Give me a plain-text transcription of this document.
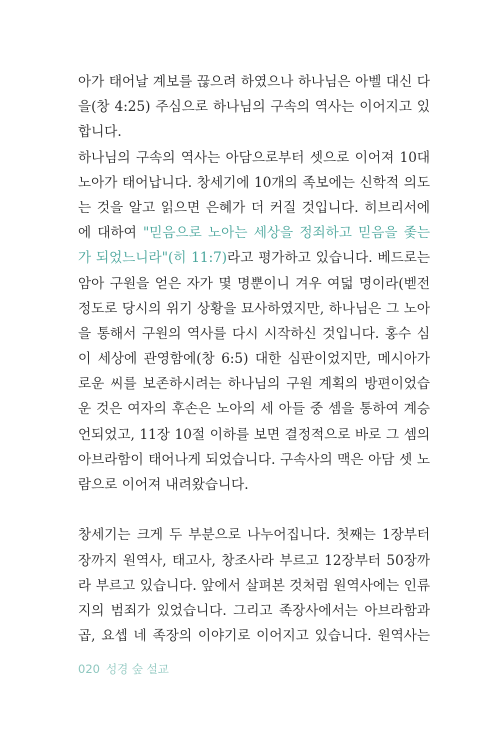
아가 태어날 계보를 끊으려 하였으나 하나님은 아벨 대신 다
을(창 4:25) 주심으로 하나님의 구속의 역사는 이어지고 있
합니다.
하나님의 구속의 역사는 아담으로부터 셋으로 이어져 10대
노아가 태어납니다. 창세기에 10개의 족보에는 신학적 의도
는 것을 알고 읽으면 은혜가 더 커질 것입니다. 히브리서에
에 대하여 "믿음으로 노아는 세상을 정죄하고 믿음을 좇는
가 되었느니라"(히 11:7)라고 평가하고 있습니다. 베드로는
암아 구원을 얻은 자가 몇 명뿐이니 겨우 여덟 명이라(벧전
정도로 당시의 위기 상황을 묘사하였지만, 하나님은 그 노아
을 통해서 구원의 역사를 다시 시작하신 것입니다. 홍수 심
이 세상에 관영함에(창 6:5) 대한 심판이었지만, 메시아가
로운 씨를 보존하시려는 하나님의 구원 계획의 방편이었습
운 것은 여자의 후손은 노아의 세 아들 중 셈을 통하여 계승
언되었고, 11장 10절 이하를 보면 결정적으로 바로 그 셈의
아브라함이 태어나게 되었습니다. 구속사의 맥은 아담 셋 노
람으로 이어져 내려왔습니다.
창세기는 크게 두 부분으로 나누어집니다. 첫째는 1장부터
장까지 원역사, 태고사, 창조사라 부르고 12장부터 50장까
라 부르고 있습니다. 앞에서 살펴본 것처럼 원역사에는 인류
지의 범죄가 있었습니다. 그리고 족장사에서는 아브라함과
곱, 요셉 네 족장의 이야기로 이어지고 있습니다. 원역사는
020 성경 숲 설교
